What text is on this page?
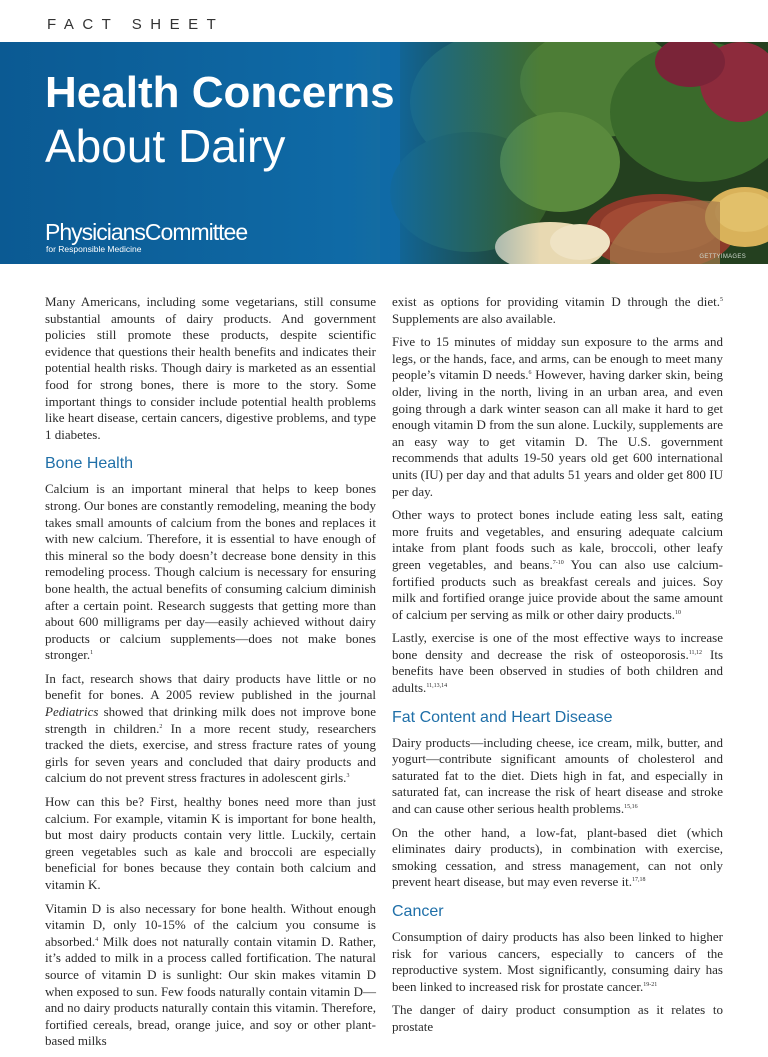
FACT SHEET
Health Concerns
About Dairy
PhysiciansCommittee
for Responsible Medicine
GETTYIMAGES

Many Americans, including some vegetarians, still consume substantial amounts of dairy products. And government policies still promote these products, despite scientific evidence that questions their health benefits and indicates their potential health risks. Though dairy is marketed as an essential food for strong bones, there is more to the story. Some important things to consider include potential health problems like heart disease, certain cancers, digestive problems, and type 1 diabetes.

Bone Health

Calcium is an important mineral that helps to keep bones strong. Our bones are constantly remodeling, meaning the body takes small amounts of calcium from the bones and replaces it with new calcium. Therefore, it is essential to have enough of this mineral so the body doesn’t decrease bone density in this remodeling process. Though calcium is necessary for ensuring bone health, the actual benefits of consuming calcium diminish after a certain point. Research suggests that getting more than about 600 milligrams per day—easily achieved without dairy products or calcium supplements—does not make bones stronger.$^1$

In fact, research shows that dairy products have little or no benefit for bones. A 2005 review published in the journal Pediatrics showed that drinking milk does not improve bone strength in children.$^2$ In a more recent study, researchers tracked the diets, exercise, and stress fracture rates of young girls for seven years and concluded that dairy products and calcium do not prevent stress fractures in adolescent girls.$^3$

How can this be? First, healthy bones need more than just calcium. For example, vitamin K is important for bone health, but most dairy products contain very little. Luckily, certain green vegetables such as kale and broccoli are especially beneficial for bones because they contain both calcium and vitamin K.

Vitamin D is also necessary for bone health. Without enough vitamin D, only 10-15% of the calcium you consume is absorbed.$^4$ Milk does not naturally contain vitamin D. Rather, it’s added to milk in a process called fortification. The natural source of vitamin D is sunlight: Our skin makes vitamin D when exposed to sun. Few foods naturally contain vitamin D—and no dairy products naturally contain this vitamin. Therefore, fortified cereals, bread, orange juice, and soy or other plant-based milks

exist as options for providing vitamin D through the diet.$^5$ Supplements are also available.

Five to 15 minutes of midday sun exposure to the arms and legs, or the hands, face, and arms, can be enough to meet many people’s vitamin D needs.$^6$ However, having darker skin, being older, living in the north, living in an urban area, and even going through a dark winter season can all make it hard to get enough vitamin D from the sun alone. Luckily, supplements are an easy way to get vitamin D. The U.S. government recommends that adults 19-50 years old get 600 international units (IU) per day and that adults 51 years and older get 800 IU per day.

Other ways to protect bones include eating less salt, eating more fruits and vegetables, and ensuring adequate calcium intake from plant foods such as kale, broccoli, other leafy green vegetables, and beans.$^{7-10}$ You can also use calcium-fortified products such as breakfast cereals and juices. Soy milk and fortified orange juice provide about the same amount of calcium per serving as milk or other dairy products.$^{10}$

Lastly, exercise is one of the most effective ways to increase bone density and decrease the risk of osteoporosis.$^{11,12}$ Its benefits have been observed in studies of both children and adults.$^{11,13,14}$

Fat Content and Heart Disease

Dairy products—including cheese, ice cream, milk, butter, and yogurt—contribute significant amounts of cholesterol and saturated fat to the diet. Diets high in fat, and especially in saturated fat, can increase the risk of heart disease and stroke and can cause other serious health problems.$^{15,16}$

On the other hand, a low-fat, plant-based diet (which eliminates dairy products), in combination with exercise, smoking cessation, and stress management, can not only prevent heart disease, but may even reverse it.$^{17,18}$

Cancer

Consumption of dairy products has also been linked to higher risk for various cancers, especially to cancers of the reproductive system. Most significantly, consuming dairy has been linked to increased risk for prostate cancer.$^{19-21}$

The danger of dairy product consumption as it relates to prostate
